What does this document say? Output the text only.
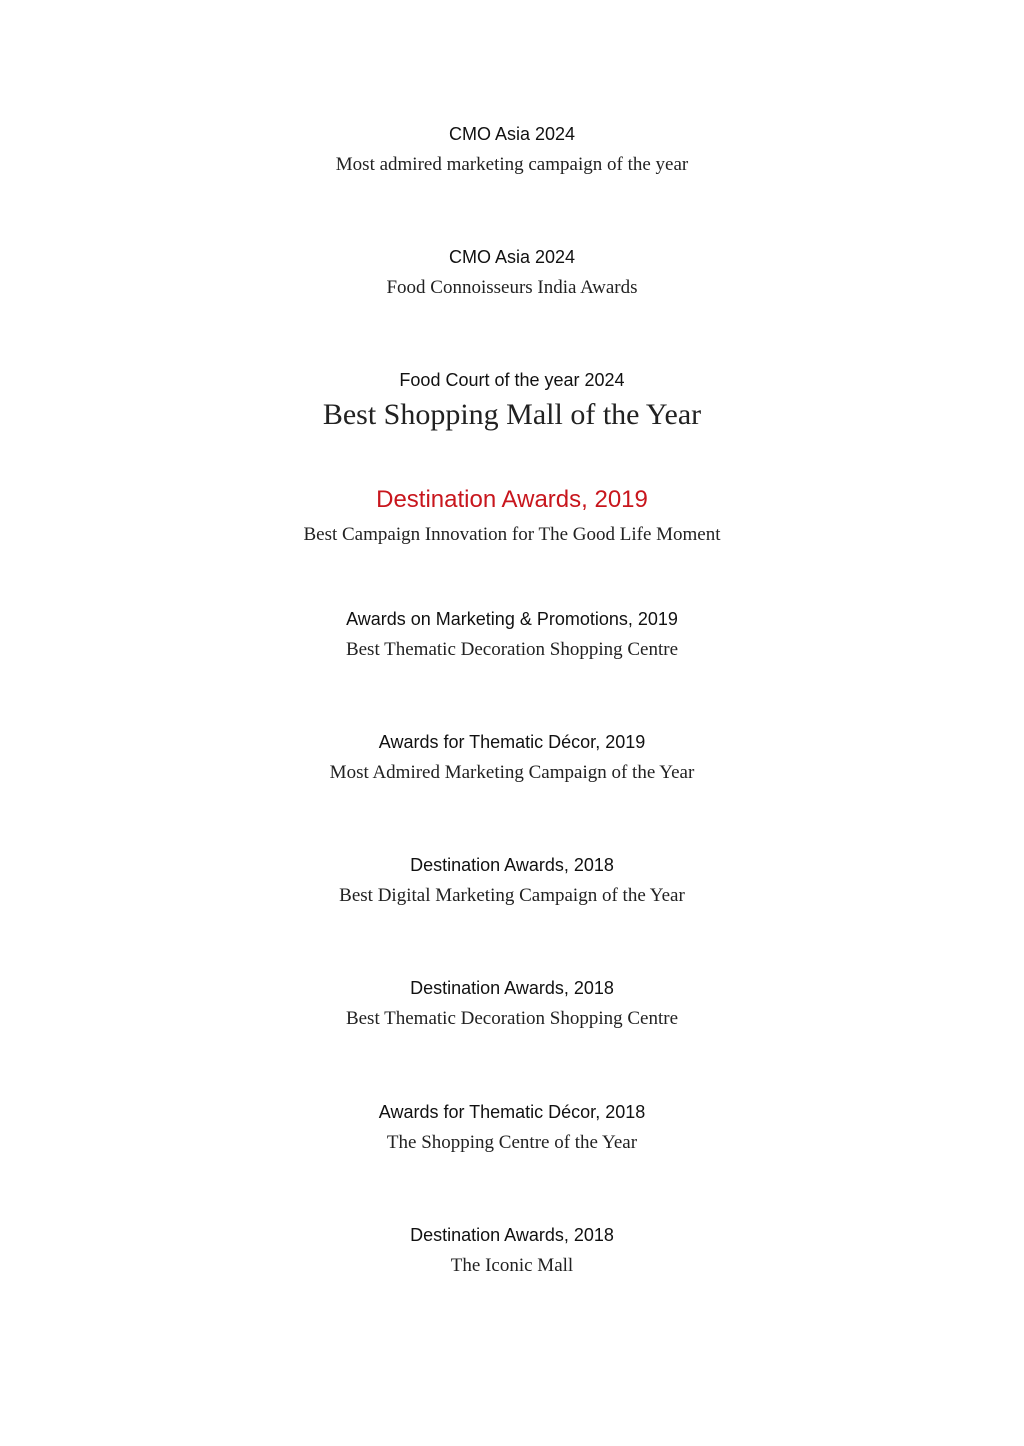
CMO Asia 2024
Most admired marketing campaign of the year
CMO Asia 2024
Food Connoisseurs India Awards
Food Court of the year 2024
Best Shopping Mall of the Year
Destination Awards, 2019
Best Campaign Innovation for The Good Life Moment
Awards on Marketing & Promotions, 2019
Best Thematic Decoration Shopping Centre
Awards for Thematic Décor, 2019
Most Admired Marketing Campaign of the Year
Destination Awards, 2018
Best Digital Marketing Campaign of the Year
Destination Awards, 2018
Best Thematic Decoration Shopping Centre
Awards for Thematic Décor, 2018
The Shopping Centre of the Year
Destination Awards, 2018
The Iconic Mall
